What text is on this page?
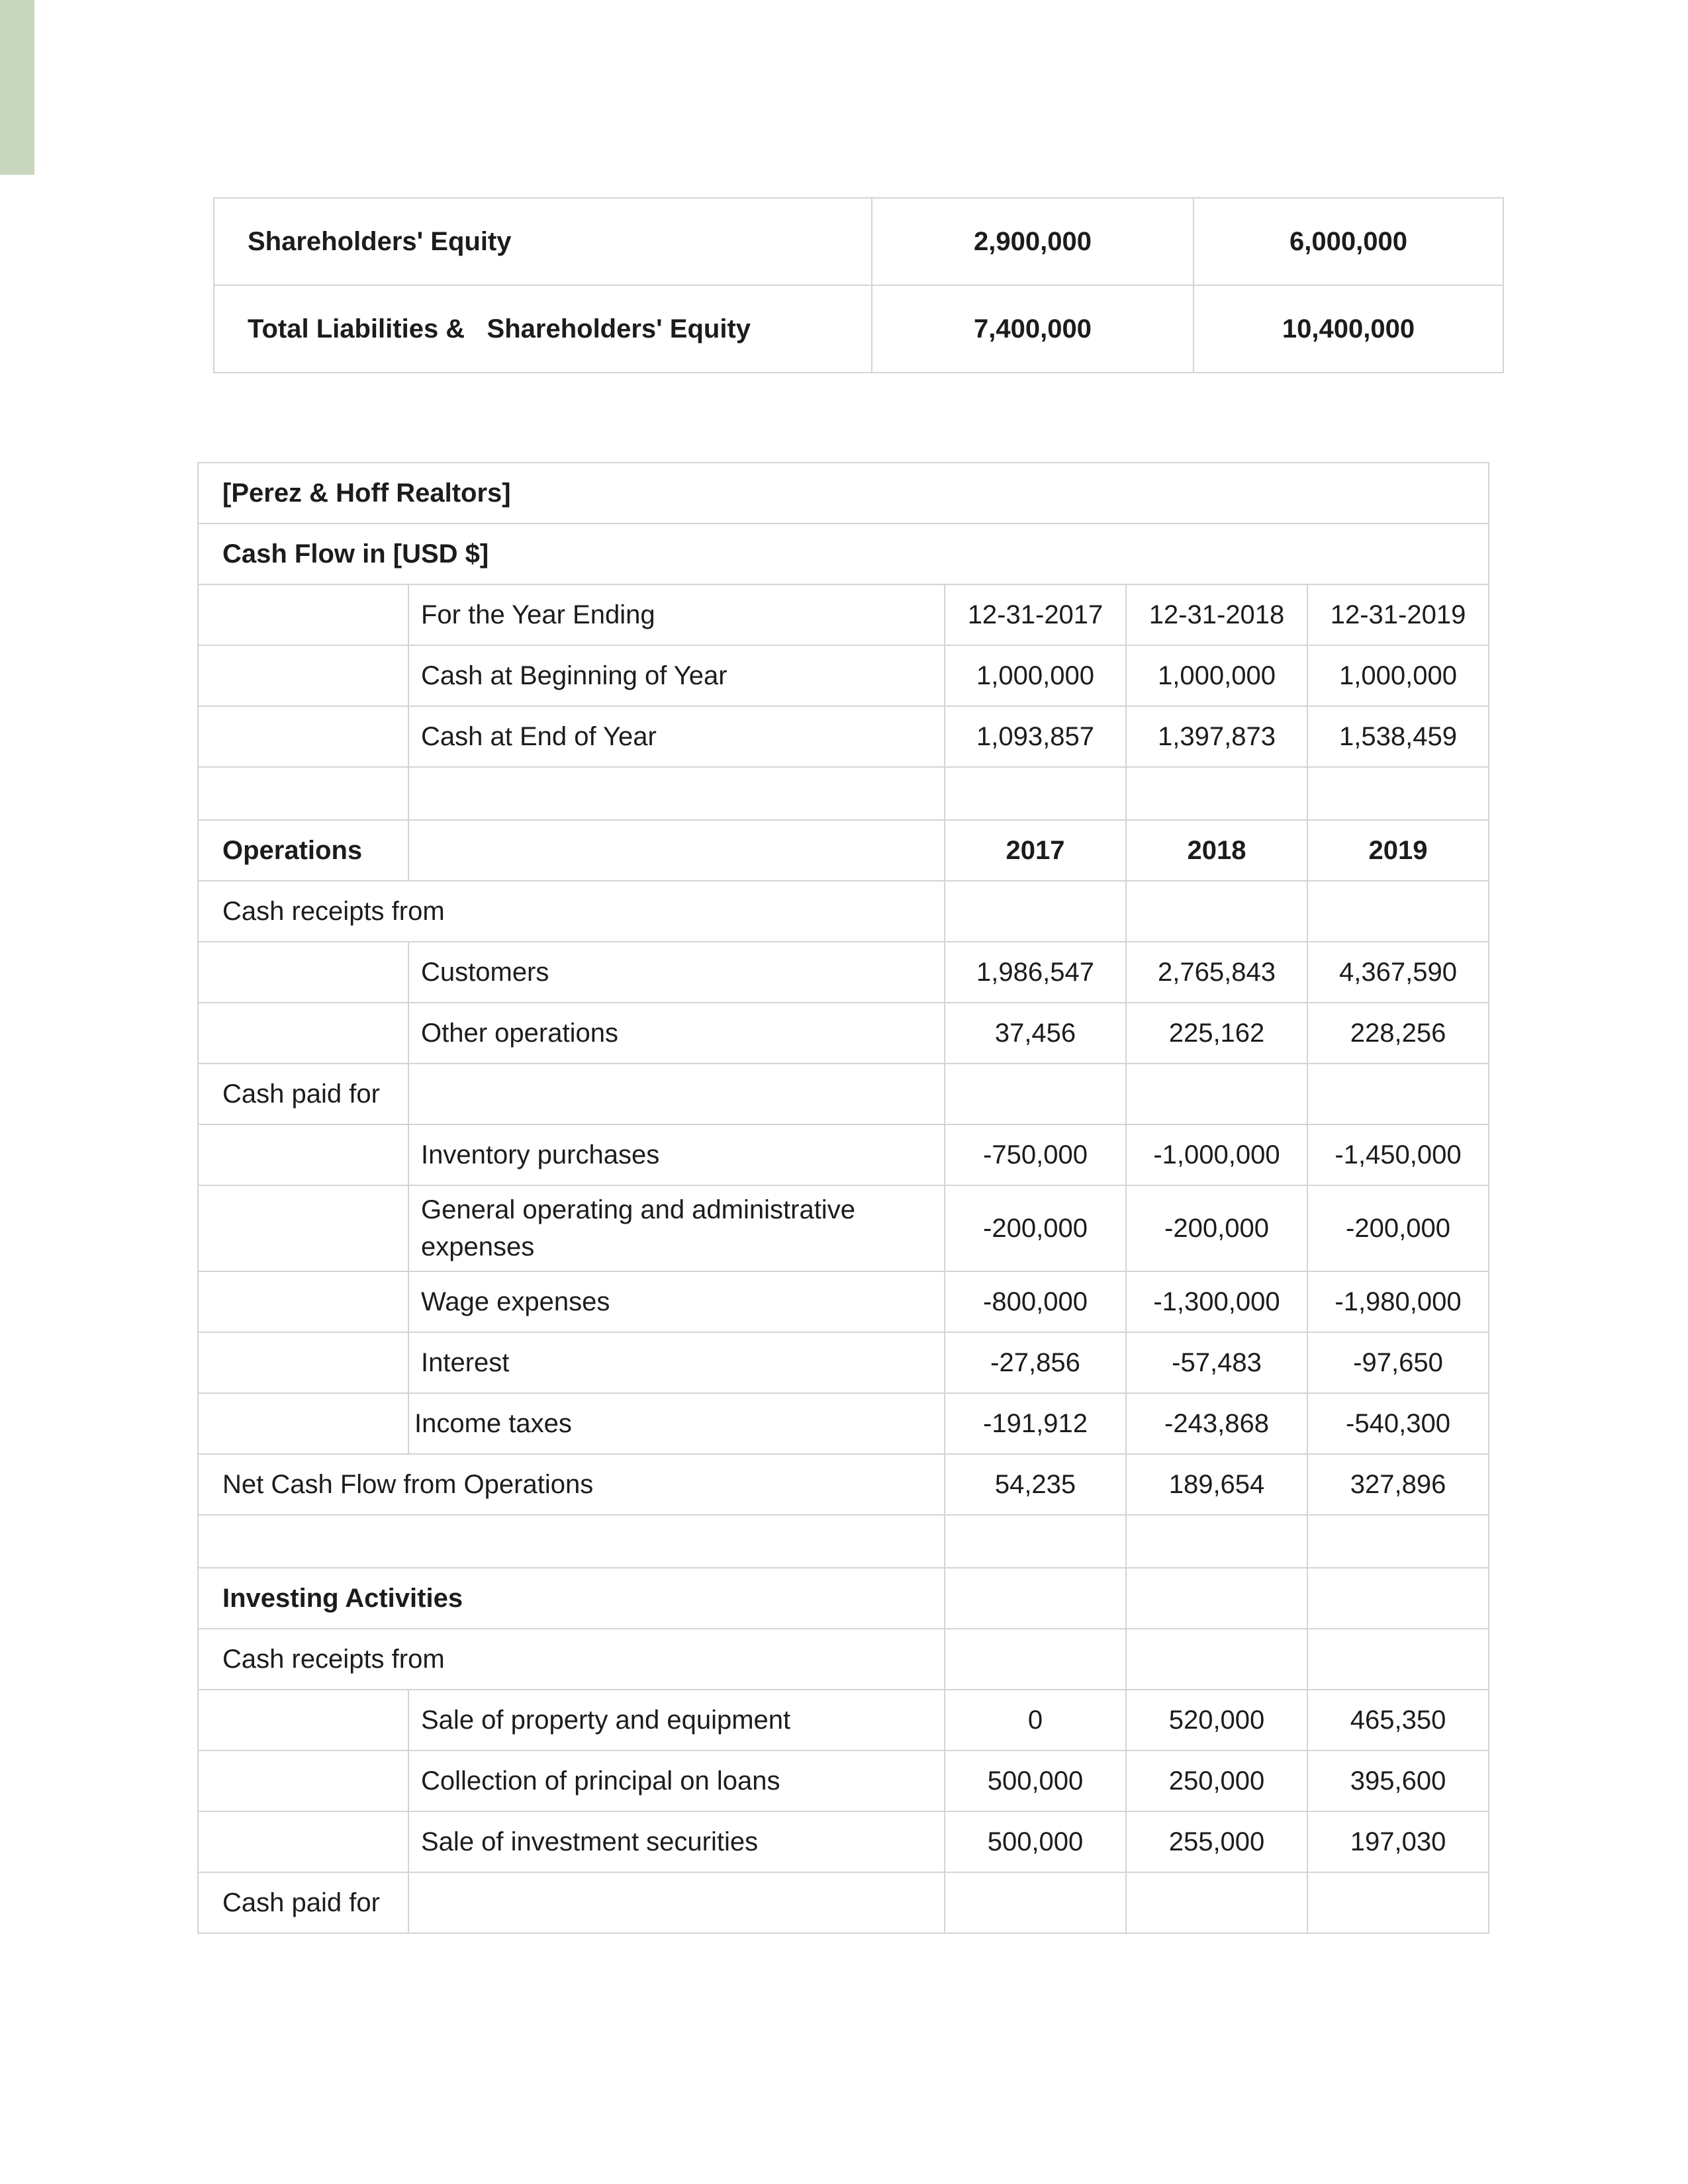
Shareholders' Equity	2,900,000	6,000,000
Total Liabilities &   Shareholders' Equity	7,400,000	10,400,000
[Perez & Hoff Realtors]				
Cash Flow in [USD $]				
	For the Year Ending	12-31-2017	12-31-2018	12-31-2019
	Cash at Beginning of Year	1,000,000	1,000,000	1,000,000
	Cash at End of Year	1,093,857	1,397,873	1,538,459

Operations		2017	2018	2019
Cash receipts from				
	Customers	1,986,547	2,765,843	4,367,590
	Other operations	37,456	225,162	228,256
Cash paid for				
	Inventory purchases	-750,000	-1,000,000	-1,450,000
	General operating and administrative expenses	-200,000	-200,000	-200,000
	Wage expenses	-800,000	-1,300,000	-1,980,000
	Interest	-27,856	-57,483	-97,650
	Income taxes	-191,912	-243,868	-540,300
Net Cash Flow from Operations		54,235	189,654	327,896

Investing Activities				
Cash receipts from				
	Sale of property and equipment	0	520,000	465,350
	Collection of principal on loans	500,000	250,000	395,600
	Sale of investment securities	500,000	255,000	197,030
Cash paid for				
